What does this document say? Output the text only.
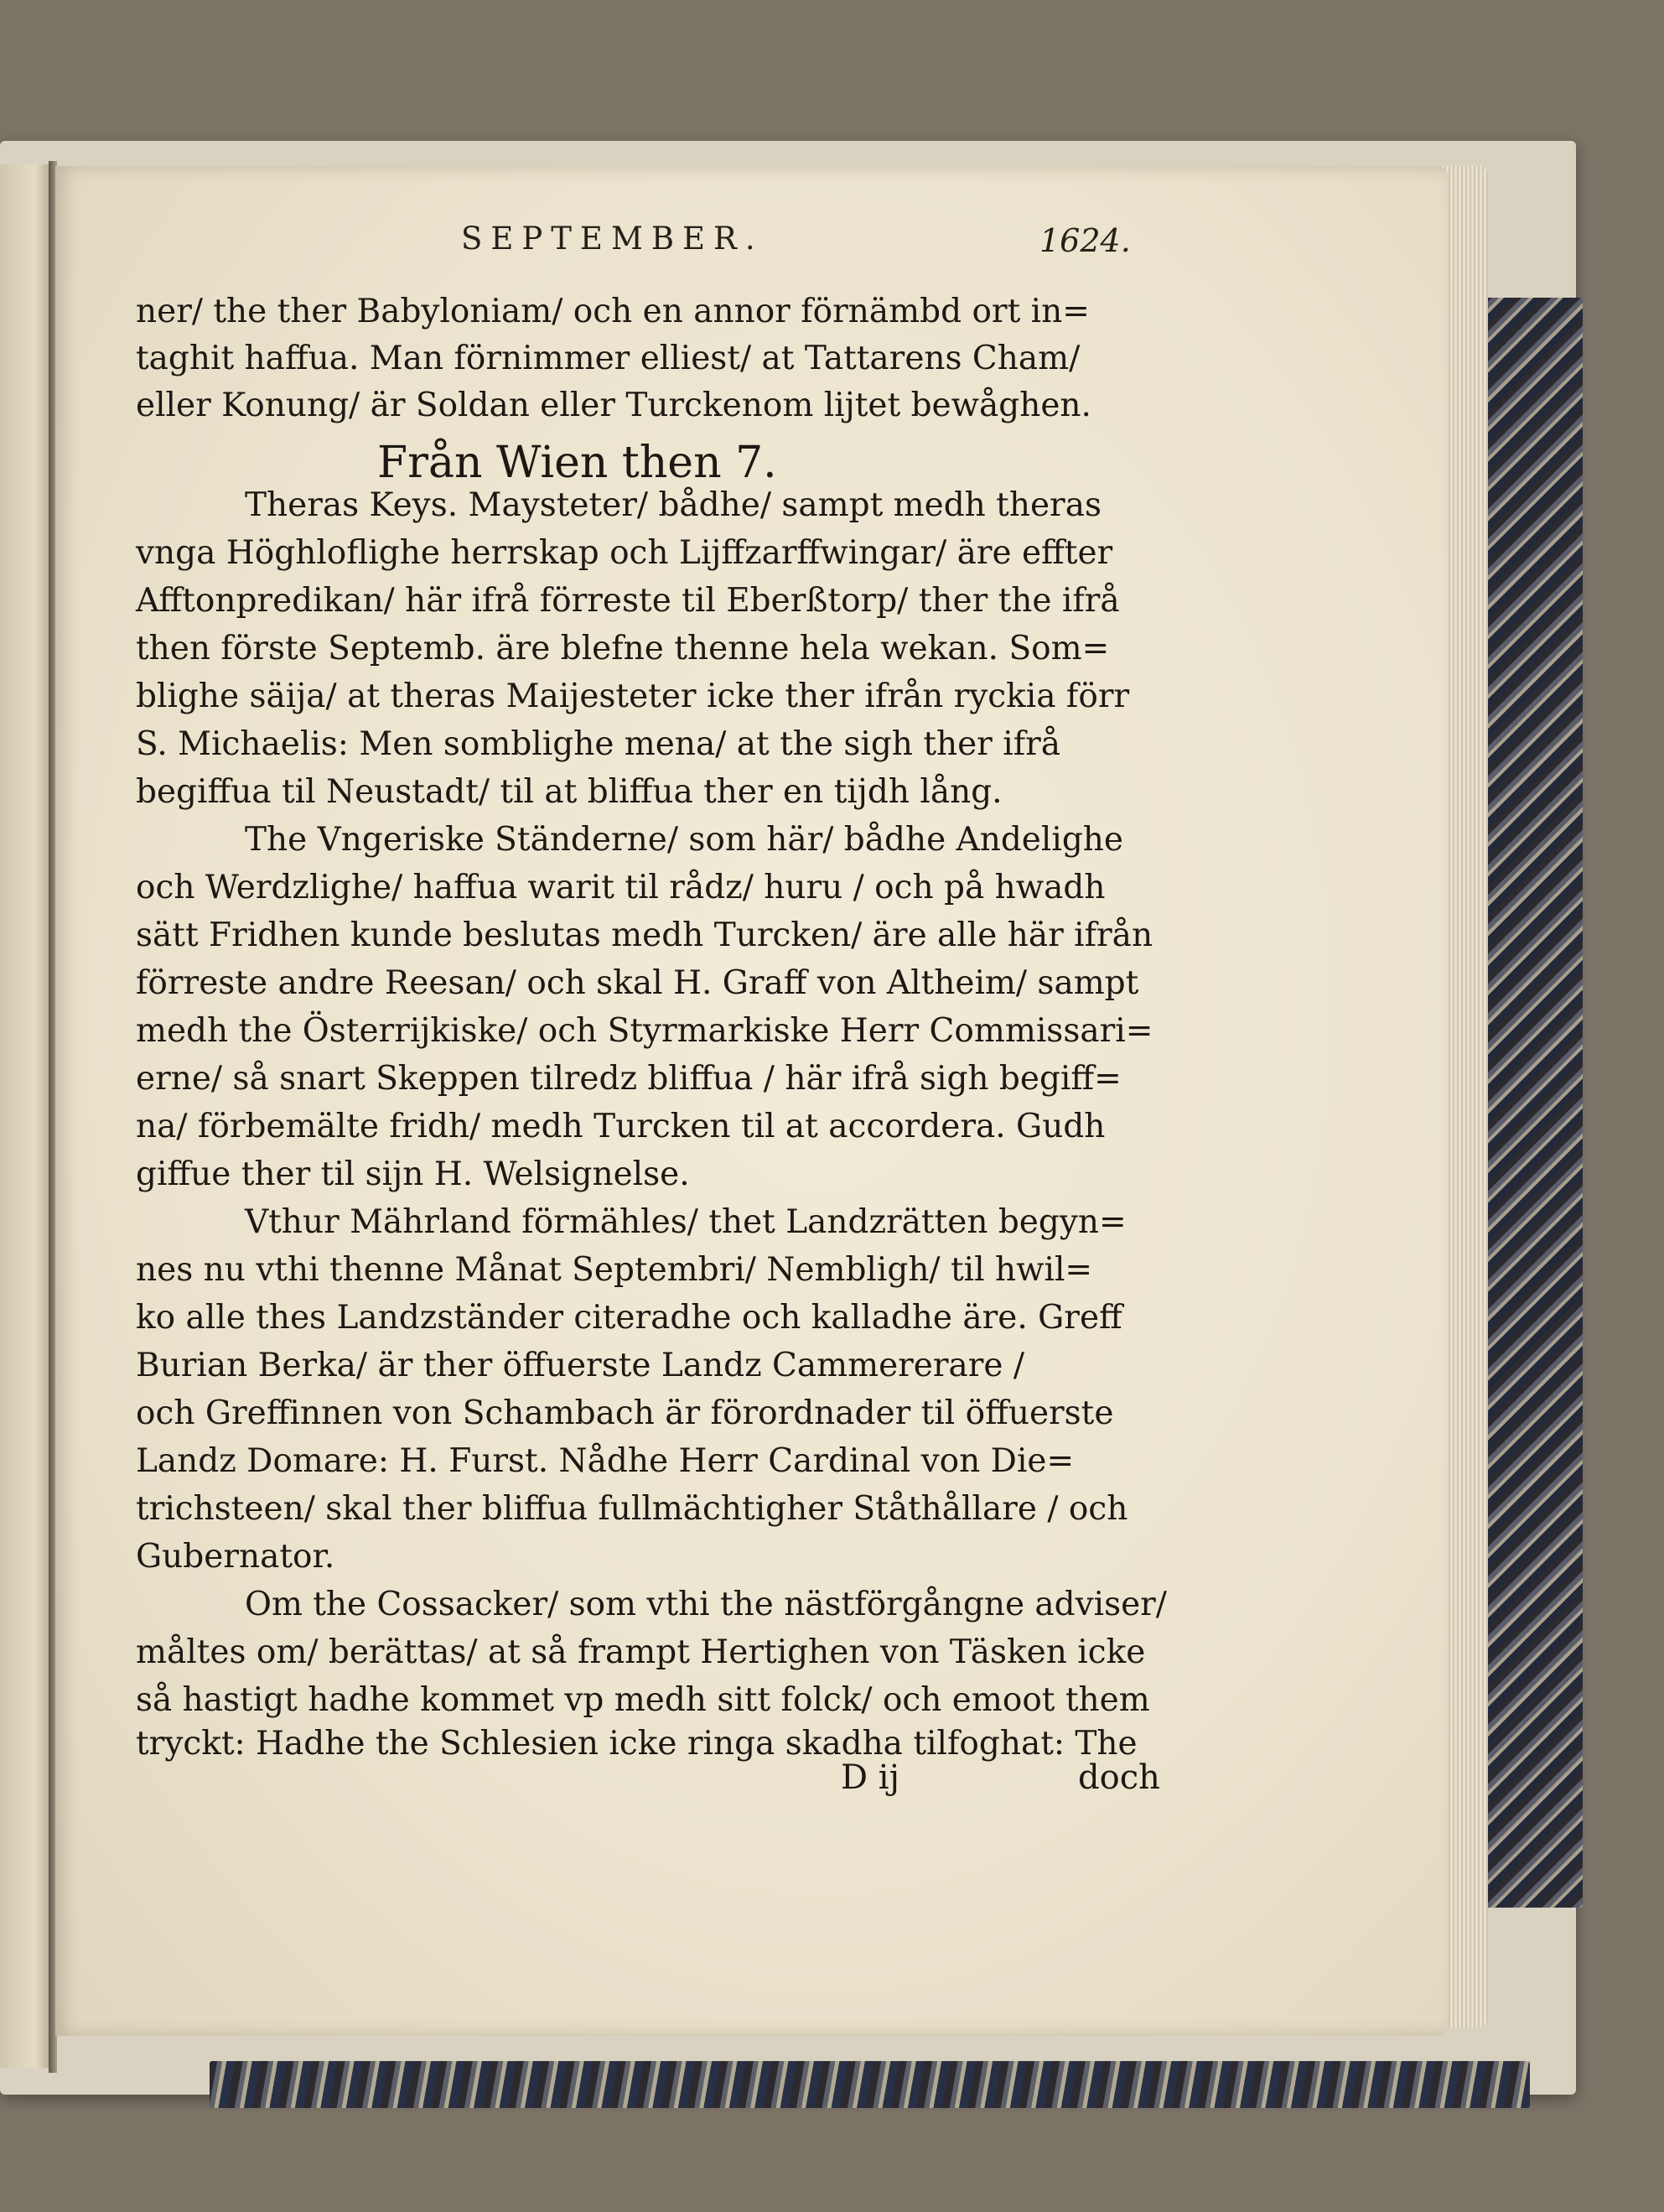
SEPTEMBER.	1624.
ner/ the ther Babyloniam/ och en annor förnämbd ort in=
taghit haffua. Man förnimmer elliest/ at Tattarens Cham/
eller Konung/ är Soldan eller Turckenom lijtet bewåghen.
Från Wien then 7.
Theras Keys. Maysteter/ bådhe/ sampt medh theras
vnga Höghloflighe herrskap och Lijffzarffwingar/ äre effter
Afftonpredikan/ här ifrå förreste til Eberßtorp/ ther the ifrå
then förste Septemb. äre blefne thenne hela wekan. Som=
blighe säija/ at theras Maijesteter icke ther ifrån ryckia förr
S. Michaelis: Men somblighe mena/ at the sigh ther ifrå
begiffua til Neustadt/ til at bliffua ther en tijdh lång.
The Vngeriske Ständerne/ som här/ bådhe Andelighe
och Werdzlighe/ haffua warit til rådz/ huru / och på hwadh
sätt Fridhen kunde beslutas medh Turcken/ äre alle här ifrån
förreste andre Reesan/ och skal H. Graff von Altheim/ sampt
medh the Österrijkiske/ och Styrmarkiske Herr Commissari=
erne/ så snart Skeppen tilredz bliffua / här ifrå sigh begiff=
na/ förbemälte fridh/ medh Turcken til at accordera. Gudh
giffue ther til sijn H. Welsignelse.
Vthur Mährland förmähles/ thet Landzrätten begyn=
nes nu vthi thenne Månat Septembri/ Nembligh/ til hwil=
ko alle thes Landzständer citeradhe och kalladhe äre. Greff
Burian Berka/ är ther öffuerste Landz Cammererare /
och Greffinnen von Schambach är förordnader til öffuerste
Landz Domare: H. Furst. Nådhe Herr Cardinal von Die=
trichsteen/ skal ther bliffua fullmächtigher Ståthållare / och
Gubernator.
Om the Cossacker/ som vthi the nästförgångne adviser/
måltes om/ berättas/ at så frampt Hertighen von Täsken icke
så hastigt hadhe kommet vp medh sitt folck/ och emoot them
tryckt: Hadhe the Schlesien icke ringa skadha tilfoghat: The
D ij	doch
